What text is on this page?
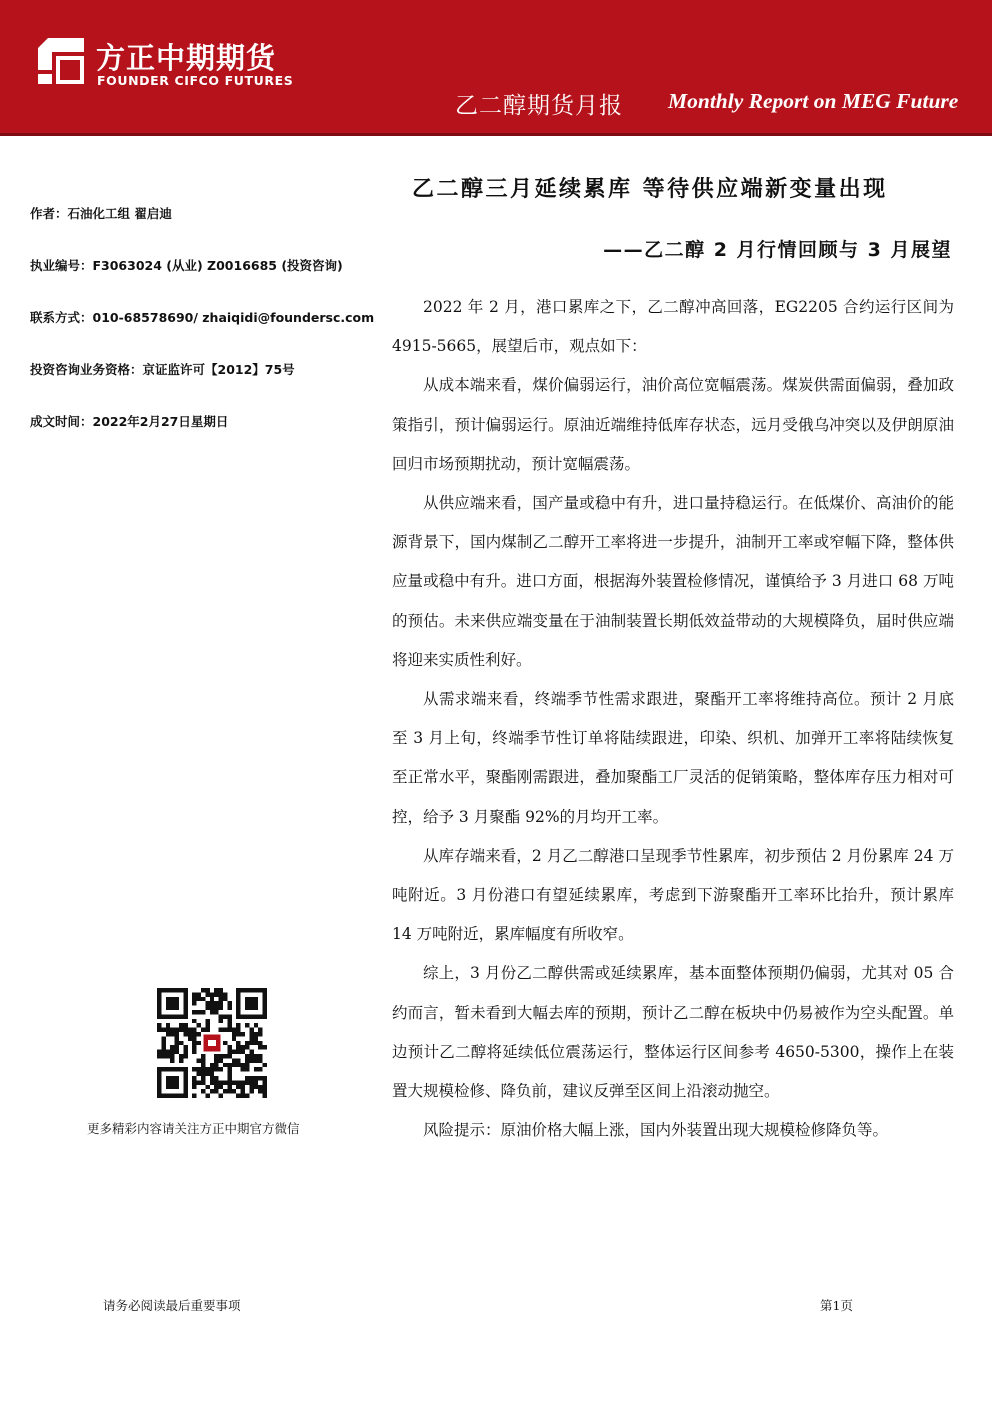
方正中期期货
FOUNDER CIFCO FUTURES
乙二醇期货月报 Monthly Report on MEG Future
乙二醇三月延续累库 等待供应端新变量出现
——乙二醇 2 月行情回顾与 3 月展望
作者：石油化工组 翟启迪
执业编号：F3063024 (从业) Z0016685 (投资咨询)
联系方式：010-68578690/ zhaiqidi@foundersc.com
投资咨询业务资格：京证监许可【2012】75号
成文时间：2022年2月27日星期日

2022 年 2 月，港口累库之下，乙二醇冲高回落，EG2205 合约运行区间为 4915-5665，展望后市，观点如下：

从成本端来看，煤价偏弱运行，油价高位宽幅震荡。煤炭供需面偏弱，叠加政策指引，预计偏弱运行。原油近端维持低库存状态，远月受俄乌冲突以及伊朗原油回归市场预期扰动，预计宽幅震荡。

从供应端来看，国产量或稳中有升，进口量持稳运行。在低煤价、高油价的能源背景下，国内煤制乙二醇开工率将进一步提升，油制开工率或窄幅下降，整体供应量或稳中有升。进口方面，根据海外装置检修情况，谨慎给予 3 月进口 68 万吨的预估。未来供应端变量在于油制装置长期低效益带动的大规模降负，届时供应端将迎来实质性利好。

从需求端来看，终端季节性需求跟进，聚酯开工率将维持高位。预计 2 月底至 3 月上旬，终端季节性订单将陆续跟进，印染、织机、加弹开工率将陆续恢复至正常水平，聚酯刚需跟进，叠加聚酯工厂灵活的促销策略，整体库存压力相对可控，给予 3 月聚酯 92%的月均开工率。

从库存端来看，2 月乙二醇港口呈现季节性累库，初步预估 2 月份累库 24 万吨附近。3 月份港口有望延续累库，考虑到下游聚酯开工率环比抬升，预计累库 14 万吨附近，累库幅度有所收窄。

综上，3 月份乙二醇供需或延续累库，基本面整体预期仍偏弱，尤其对 05 合约而言，暂未看到大幅去库的预期，预计乙二醇在板块中仍易被作为空头配置。单边预计乙二醇将延续低位震荡运行，整体运行区间参考 4650-5300，操作上在装置大规模检修、降负前，建议反弹至区间上沿滚动抛空。

风险提示：原油价格大幅上涨，国内外装置出现大规模检修降负等。

更多精彩内容请关注方正中期官方微信
请务必阅读最后重要事项	第1页
